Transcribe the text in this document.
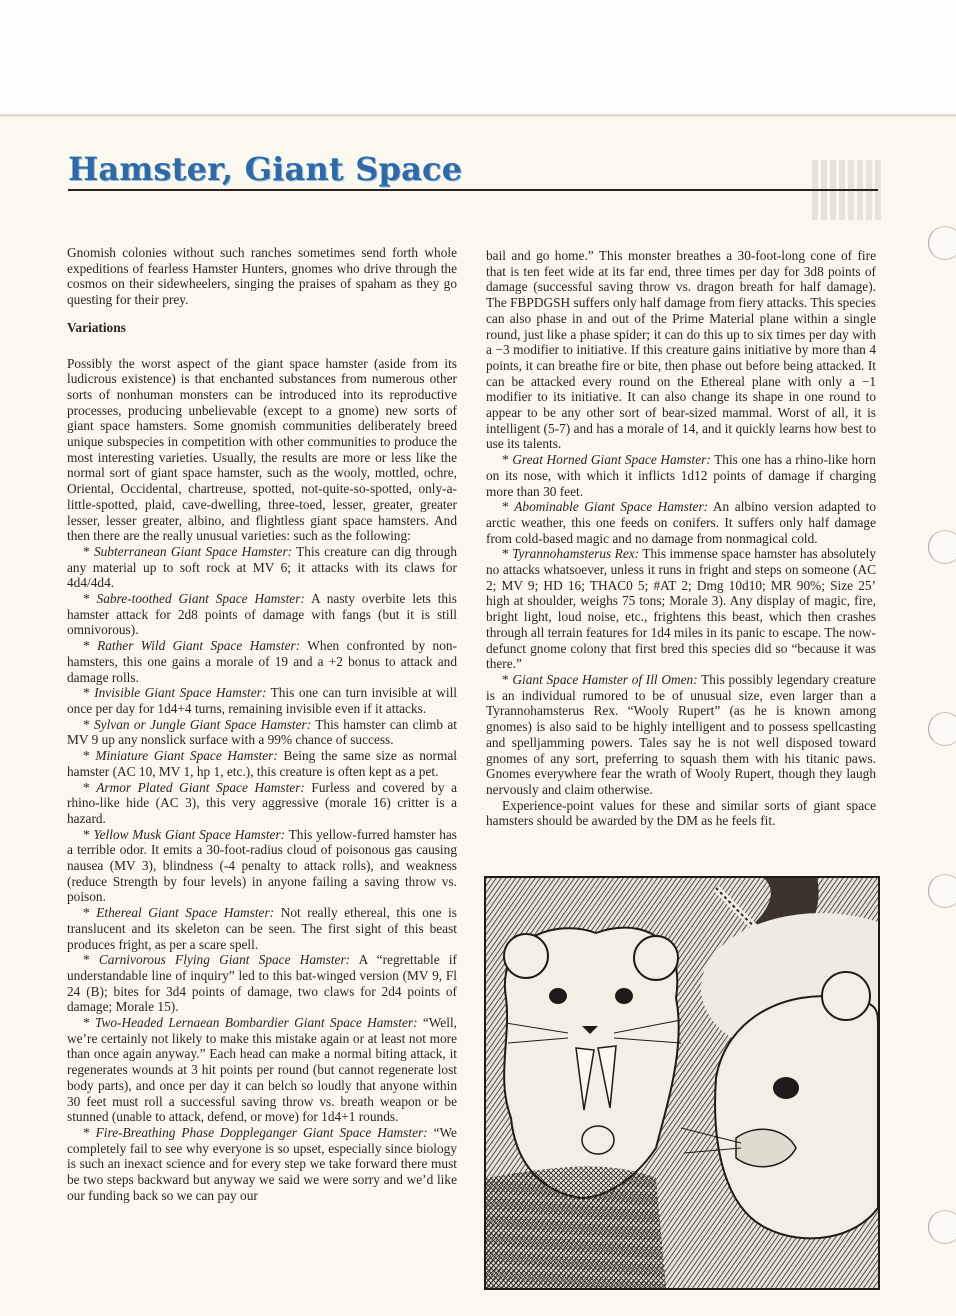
Hamster, Giant Space

Gnomish colonies without such ranches sometimes send forth whole expeditions of fearless Hamster Hunters, gnomes who drive through the cosmos on their sidewheelers, singing the praises of spaham as they go questing for their prey.

Variations

Possibly the worst aspect of the giant space hamster (aside from its ludicrous existence) is that enchanted substances from numerous other sorts of nonhuman monsters can be introduced into its reproductive processes, producing unbelievable (except to a gnome) new sorts of giant space hamsters. Some gnomish communities deliberately breed unique subspecies in competition with other communities to produce the most interesting varieties. Usually, the results are more or less like the normal sort of giant space hamster, such as the wooly, mottled, ochre, Oriental, Occidental, chartreuse, spotted, not-quite-so-spotted, only-a-little-spotted, plaid, cave-dwelling, three-toed, lesser, greater, greater lesser, lesser greater, albino, and flightless giant space hamsters. And then there are the really unusual varieties: such as the following:

* Subterranean Giant Space Hamster: This creature can dig through any material up to soft rock at MV 6; it attacks with its claws for 4d4/4d4.

* Sabre-toothed Giant Space Hamster: A nasty overbite lets this hamster attack for 2d8 points of damage with fangs (but it is still omnivorous).

* Rather Wild Giant Space Hamster: When confronted by non-hamsters, this one gains a morale of 19 and a +2 bonus to attack and damage rolls.

* Invisible Giant Space Hamster: This one can turn invisible at will once per day for 1d4+4 turns, remaining invisible even if it attacks.

* Sylvan or Jungle Giant Space Hamster: This hamster can climb at MV 9 up any nonslick surface with a 99% chance of success.

* Miniature Giant Space Hamster: Being the same size as normal hamster (AC 10, MV 1, hp 1, etc.), this creature is often kept as a pet.

* Armor Plated Giant Space Hamster: Furless and covered by a rhino-like hide (AC 3), this very aggressive (morale 16) critter is a hazard.

* Yellow Musk Giant Space Hamster: This yellow-furred hamster has a terrible odor. It emits a 30-foot-radius cloud of poisonous gas causing nausea (MV 3), blindness (-4 penalty to attack rolls), and weakness (reduce Strength by four levels) in anyone failing a saving throw vs. poison.

* Ethereal Giant Space Hamster: Not really ethereal, this one is translucent and its skeleton can be seen. The first sight of this beast produces fright, as per a scare spell.

* Carnivorous Flying Giant Space Hamster: A “regrettable if understandable line of inquiry” led to this bat-winged version (MV 9, Fl 24 (B); bites for 3d4 points of damage, two claws for 2d4 points of damage; Morale 15).

* Two-Headed Lernaean Bombardier Giant Space Hamster: “Well, we’re certainly not likely to make this mistake again or at least not more than once again anyway.” Each head can make a normal biting attack, it regenerates wounds at 3 hit points per round (but cannot regenerate lost body parts), and once per day it can belch so loudly that anyone within 30 feet must roll a successful saving throw vs. breath weapon or be stunned (unable to attack, defend, or move) for 1d4+1 rounds.

* Fire-Breathing Phase Doppleganger Giant Space Hamster: “We completely fail to see why everyone is so upset, especially since biology is such an inexact science and for every step we take forward there must be two steps backward but anyway we said we were sorry and we’d like our funding back so we can pay our

bail and go home.” This monster breathes a 30-foot-long cone of fire that is ten feet wide at its far end, three times per day for 3d8 points of damage (successful saving throw vs. dragon breath for half damage). The FBPDGSH suffers only half damage from fiery attacks. This species can also phase in and out of the Prime Material plane within a single round, just like a phase spider; it can do this up to six times per day with a −3 modifier to initiative. If this creature gains initiative by more than 4 points, it can breathe fire or bite, then phase out before being attacked. It can be attacked every round on the Ethereal plane with only a −1 modifier to its initiative. It can also change its shape in one round to appear to be any other sort of bear-sized mammal. Worst of all, it is intelligent (5-7) and has a morale of 14, and it quickly learns how best to use its talents.

* Great Horned Giant Space Hamster: This one has a rhino-like horn on its nose, with which it inflicts 1d12 points of damage if charging more than 30 feet.

* Abominable Giant Space Hamster: An albino version adapted to arctic weather, this one feeds on conifers. It suffers only half damage from cold-based magic and no damage from nonmagical cold.

* Tyrannohamsterus Rex: This immense space hamster has absolutely no attacks whatsoever, unless it runs in fright and steps on someone (AC 2; MV 9; HD 16; THAC0 5; #AT 2; Dmg 10d10; MR 90%; Size 25’ high at shoulder, weighs 75 tons; Morale 3). Any display of magic, fire, bright light, loud noise, etc., frightens this beast, which then crashes through all terrain features for 1d4 miles in its panic to escape. The now-defunct gnome colony that first bred this species did so “because it was there.”

* Giant Space Hamster of Ill Omen: This possibly legendary creature is an individual rumored to be of unusual size, even larger than a Tyrannohamsterus Rex. “Wooly Rupert” (as he is known among gnomes) is also said to be highly intelligent and to possess spellcasting and spelljamming powers. Tales say he is not well disposed toward gnomes of any sort, preferring to squash them with his titanic paws. Gnomes everywhere fear the wrath of Wooly Rupert, though they laugh nervously and claim otherwise.

Experience-point values for these and similar sorts of giant space hamsters should be awarded by the DM as he feels fit.
